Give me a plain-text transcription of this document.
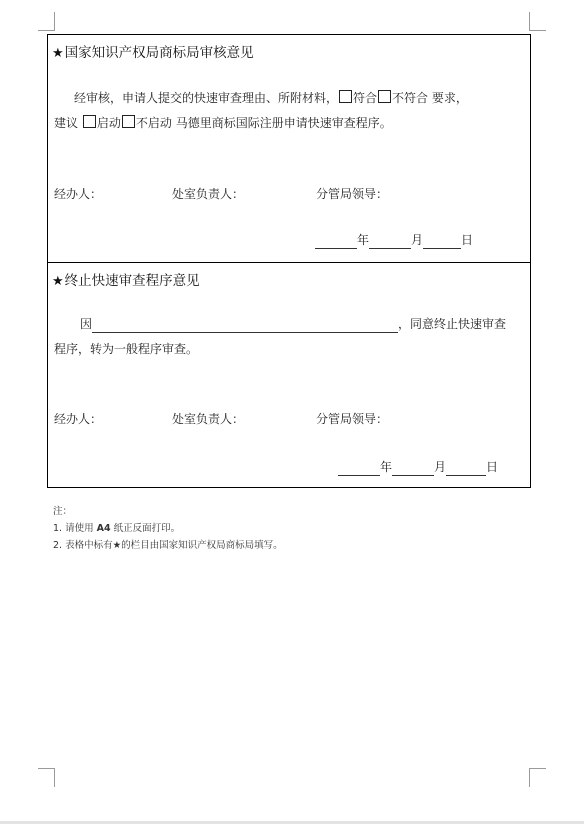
★国家知识产权局商标局审核意见
经审核，申请人提交的快速审查理由、所附材料， 符合 不符合 要求，
建议 启动 不启动 马德里商标国际注册申请快速审查程序。
经办人：	处室负责人：	分管局领导：
年	月	日
★终止快速审查程序意见
因	，同意终止快速审查
程序，转为一般程序审查。
经办人：	处室负责人：	分管局领导：
年	月	日
注：
1. 请使用 A4 纸正反面打印。
2. 表格中标有★的栏目由国家知识产权局商标局填写。
